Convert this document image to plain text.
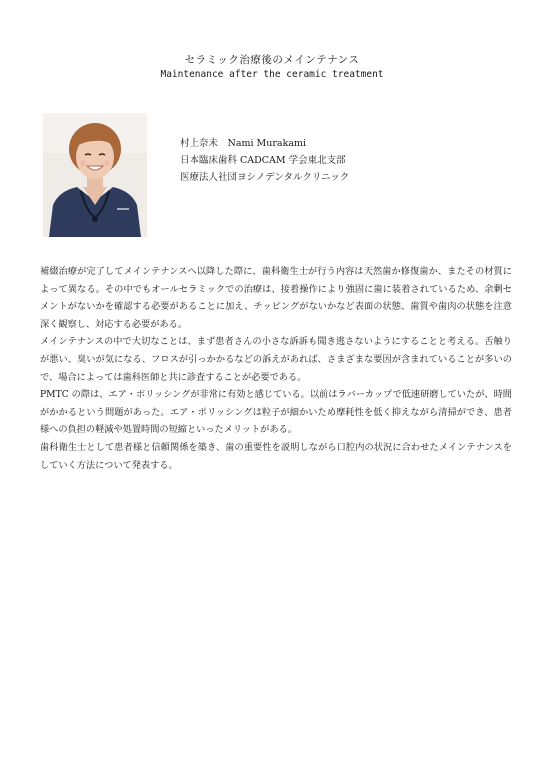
セラミック治療後のメインテナンス
Maintenance after the ceramic treatment
村上奈未　Nami Murakami
日本臨床歯科 CADCAM 学会東北支部
医療法人社団ヨシノデンタルクリニック

補綴治療が完了してメインテナンスへ以降した際に、歯科衛生士が行う内容は天然歯か修復歯か、またその材質によって異なる。その中でもオールセラミックでの治療は、接着操作により強固に歯に装着されているため、余剰セメントがないかを確認する必要があることに加え、チッピングがないかなど表面の状態、歯質や歯肉の状態を注意深く観察し、対応する必要がある。

メインテナンスの中で大切なことは、まず患者さんの小さな訴訴も聞き逃さないようにすることと考える。舌触りが悪い、臭いが気になる、フロスが引っかかるなどの訴えがあれば、さまざまな要因が含まれていることが多いので、場合によっては歯科医師と共に診査することが必要である。

PMTC の際は、エア・ポリッシングが非常に有効と感じている。以前はラバーカップで低速研磨していたが、時間がかかるという問題があった。エア・ポリッシングは粒子が細かいため摩耗性を低く抑えながら清掃ができ、患者様への負担の軽減や処置時間の短縮といったメリットがある。

歯科衛生士として患者様と信頼関係を築き、歯の重要性を説明しながら口腔内の状況に合わせたメインテナンスをしていく方法について発表する。
